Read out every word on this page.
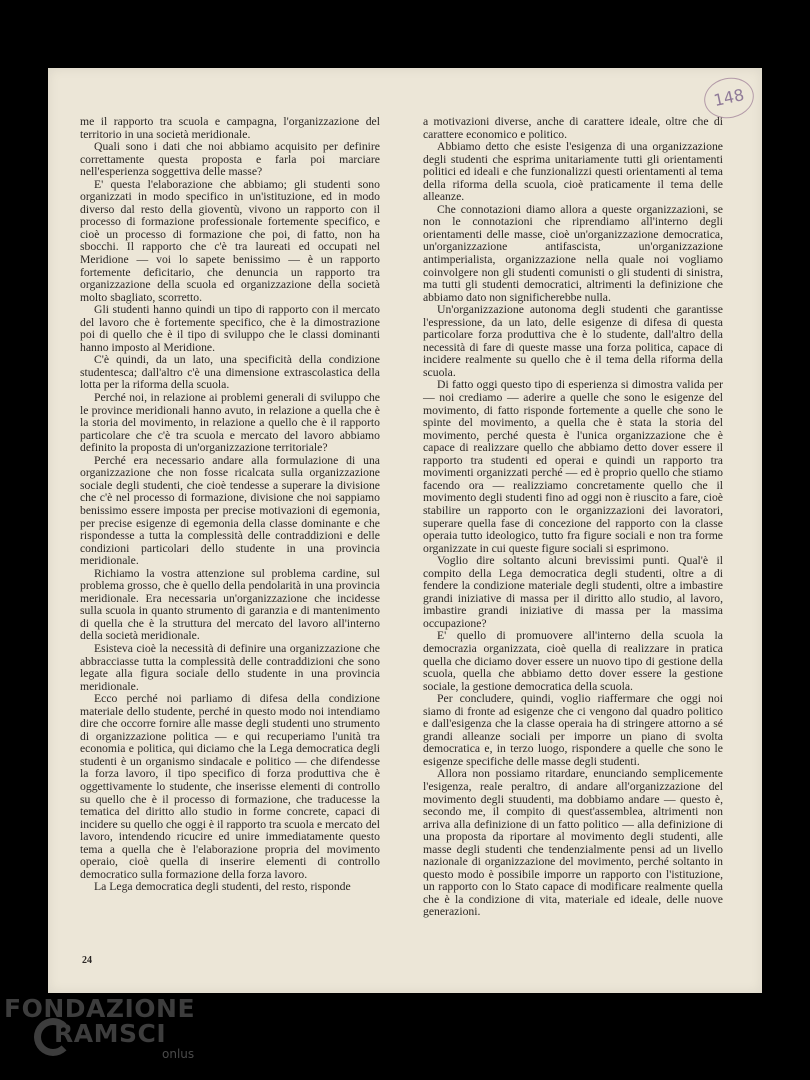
148

me il rapporto tra scuola e campagna, l'organizzazione del territorio in una società meridionale.

Quali sono i dati che noi abbiamo acquisito per definire correttamente questa proposta e farla poi marciare nell'esperienza soggettiva delle masse?

E' questa l'elaborazione che abbiamo; gli studenti sono organizzati in modo specifico in un'istituzione, ed in modo diverso dal resto della gioventù, vivono un rapporto con il processo di formazione professionale fortemente specifico, e cioè un processo di formazione che poi, di fatto, non ha sbocchi. Il rapporto che c'è tra laureati ed occupati nel Meridione — voi lo sapete benissimo — è un rapporto fortemente deficitario, che denuncia un rapporto tra organizzazione della scuola ed organizzazione della società molto sbagliato, scorretto.

Gli studenti hanno quindi un tipo di rapporto con il mercato del lavoro che è fortemente specifico, che è la dimostrazione poi di quello che è il tipo di sviluppo che le classi dominanti hanno imposto al Meridione.

C'è quindi, da un lato, una specificità della condizione studentesca; dall'altro c'è una dimensione extrascolastica della lotta per la riforma della scuola.

Perché noi, in relazione ai problemi generali di sviluppo che le province meridionali hanno avuto, in relazione a quella che è la storia del movimento, in relazione a quello che è il rapporto particolare che c'è tra scuola e mercato del lavoro abbiamo definito la proposta di un'organizzazione territoriale?

Perché era necessario andare alla formulazione di una organizzazione che non fosse ricalcata sulla organizzazione sociale degli studenti, che cioè tendesse a superare la divisione che c'è nel processo di formazione, divisione che noi sappiamo benissimo essere imposta per precise motivazioni di egemonia, per precise esigenze di egemonia della classe dominante e che rispondesse a tutta la complessità delle contraddizioni e delle condizioni particolari dello studente in una provincia meridionale.

Richiamo la vostra attenzione sul problema cardine, sul problema grosso, che è quello della pendolarità in una provincia meridionale. Era necessaria un'organizzazione che incidesse sulla scuola in quanto strumento di garanzia e di mantenimento di quella che è la struttura del mercato del lavoro all'interno della società meridionale.

Esisteva cioè la necessità di definire una organizzazione che abbracciasse tutta la complessità delle contraddizioni che sono legate alla figura sociale dello studente in una provincia meridionale.

Ecco perché noi parliamo di difesa della condizione materiale dello studente, perché in questo modo noi intendiamo dire che occorre fornire alle masse degli studenti uno strumento di organizzazione politica — e qui recuperiamo l'unità tra economia e politica, qui diciamo che la Lega democratica degli studenti è un organismo sindacale e politico — che difendesse la forza lavoro, il tipo specifico di forza produttiva che è oggettivamente lo studente, che inserisse elementi di controllo su quello che è il processo di formazione, che traducesse la tematica del diritto allo studio in forme concrete, capaci di incidere su quello che oggi è il rapporto tra scuola e mercato del lavoro, intendendo ricucire ed unire immediatamente questo tema a quella che è l'elaborazione propria del movimento operaio, cioè quella di inserire elementi di controllo democratico sulla formazione della forza lavoro.

La Lega democratica degli studenti, del resto, risponde

a motivazioni diverse, anche di carattere ideale, oltre che di carattere economico e politico.

Abbiamo detto che esiste l'esigenza di una organizzazione degli studenti che esprima unitariamente tutti gli orientamenti politici ed ideali e che funzionalizzi questi orientamenti al tema della riforma della scuola, cioè praticamente il tema delle alleanze.

Che connotazioni diamo allora a queste organizzazioni, se non le connotazioni che riprendiamo all'interno degli orientamenti delle masse, cioè un'organizzazione democratica, un'organizzazione antifascista, un'organizzazione antimperialista, organizzazione nella quale noi vogliamo coinvolgere non gli studenti comunisti o gli studenti di sinistra, ma tutti gli studenti democratici, altrimenti la definizione che abbiamo dato non significherebbe nulla.

Un'organizzazione autonoma degli studenti che garantisse l'espressione, da un lato, delle esigenze di difesa di questa particolare forza produttiva che è lo studente, dall'altro della necessità di fare di queste masse una forza politica, capace di incidere realmente su quello che è il tema della riforma della scuola.

Di fatto oggi questo tipo di esperienza si dimostra valida per — noi crediamo — aderire a quelle che sono le esigenze del movimento, di fatto risponde fortemente a quelle che sono le spinte del movimento, a quella che è stata la storia del movimento, perché questa è l'unica organizzazione che è capace di realizzare quello che abbiamo detto dover essere il rapporto tra studenti ed operai e quindi un rapporto tra movimenti organizzati perché — ed è proprio quello che stiamo facendo ora — realizziamo concretamente quello che il movimento degli studenti fino ad oggi non è riuscito a fare, cioè stabilire un rapporto con le organizzazioni dei lavoratori, superare quella fase di concezione del rapporto con la classe operaia tutto ideologico, tutto fra figure sociali e non tra forme organizzate in cui queste figure sociali si esprimono.

Voglio dire soltanto alcuni brevissimi punti. Qual'è il compito della Lega democratica degli studenti, oltre a di fendere la condizione materiale degli studenti, oltre a imbastire grandi iniziative di massa per il diritto allo studio, al lavoro, imbastire grandi iniziative di massa per la massima occupazione?

E' quello di promuovere all'interno della scuola la democrazia organizzata, cioè quella di realizzare in pratica quella che diciamo dover essere un nuovo tipo di gestione della scuola, quella che abbiamo detto dover essere la gestione sociale, la gestione democratica della scuola.

Per concludere, quindi, voglio riaffermare che oggi noi siamo di fronte ad esigenze che ci vengono dal quadro politico e dall'esigenza che la classe operaia ha di stringere attorno a sé grandi alleanze sociali per imporre un piano di svolta democratica e, in terzo luogo, rispondere a quelle che sono le esigenze specifiche delle masse degli studenti.

Allora non possiamo ritardare, enunciando semplicemente l'esigenza, reale peraltro, di andare all'organizzazione del movimento degli stuudenti, ma dobbiamo andare — questo è, secondo me, il compito di quest'assemblea, altrimenti non arriva alla definizione di un fatto politico — alla definizione di una proposta da riportare al movimento degli studenti, alle masse degli studenti che tendenzialmente pensi ad un livello nazionale di organizzazione del movimento, perché soltanto in questo modo è possibile imporre un rapporto con l'istituzione, un rapporto con lo Stato capace di modificare realmente quella che è la condizione di vita, materiale ed ideale, delle nuove generazioni.

24
FONDAZIONE
RAMSCI
onlus
